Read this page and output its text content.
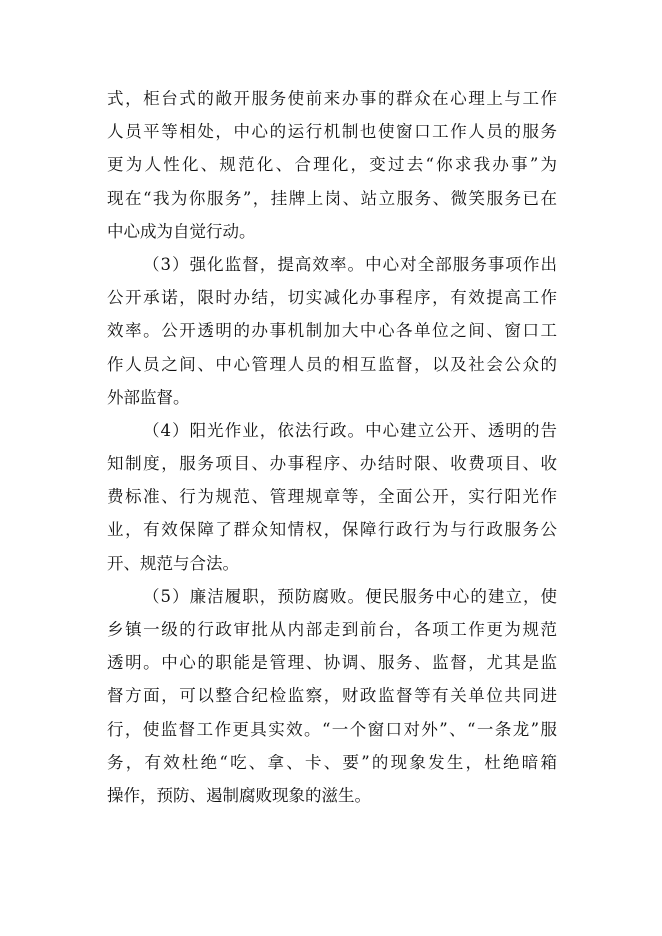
式，柜台式的敞开服务使前来办事的群众在心理上与工作
人员平等相处，中心的运行机制也使窗口工作人员的服务
更为人性化、规范化、合理化，变过去“你求我办事”为
现在“我为你服务”，挂牌上岗、站立服务、微笑服务已在
中心成为自觉行动。
（3）强化监督，提高效率。中心对全部服务事项作出
公开承诺，限时办结，切实减化办事程序，有效提高工作
效率。公开透明的办事机制加大中心各单位之间、窗口工
作人员之间、中心管理人员的相互监督，以及社会公众的
外部监督。
（4）阳光作业，依法行政。中心建立公开、透明的告
知制度，服务项目、办事程序、办结时限、收费项目、收
费标准、行为规范、管理规章等，全面公开，实行阳光作
业，有效保障了群众知情权，保障行政行为与行政服务公
开、规范与合法。
（5）廉洁履职，预防腐败。便民服务中心的建立，使
乡镇一级的行政审批从内部走到前台，各项工作更为规范
透明。中心的职能是管理、协调、服务、监督，尤其是监
督方面，可以整合纪检监察，财政监督等有关单位共同进
行，使监督工作更具实效。“一个窗口对外”、“一条龙”服
务，有效杜绝“吃、拿、卡、要”的现象发生，杜绝暗箱
操作，预防、遏制腐败现象的滋生。
